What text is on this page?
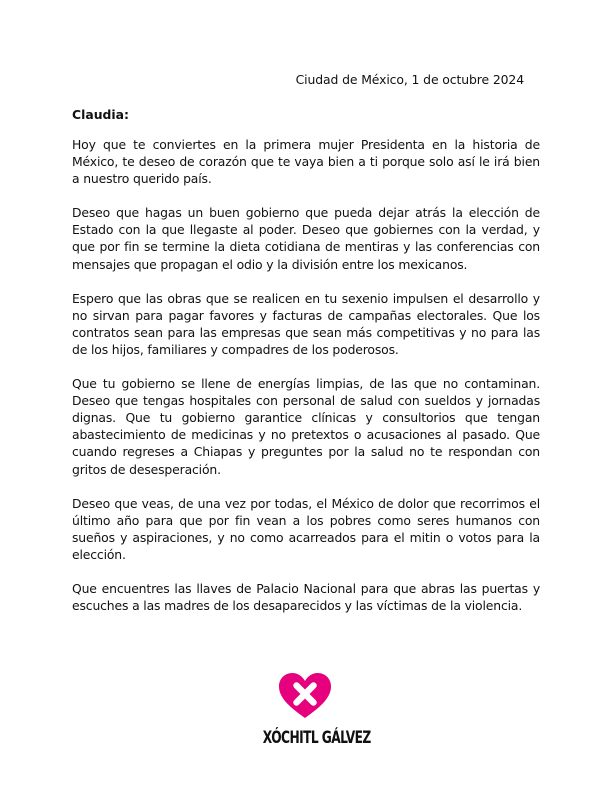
Ciudad de México, 1 de octubre 2024
Claudia:

Hoy que te conviertes en la primera mujer Presidenta en la historia de México, te deseo de corazón que te vaya bien a ti porque solo así le irá bien a nuestro querido país.

Deseo que hagas un buen gobierno que pueda dejar atrás la elección de Estado con la que llegaste al poder. Deseo que gobiernes con la verdad, y que por fin se termine la dieta cotidiana de mentiras y las conferencias con mensajes que propagan el odio y la división entre los mexicanos.

Espero que las obras que se realicen en tu sexenio impulsen el desarrollo y no sirvan para pagar favores y facturas de campañas electorales. Que los contratos sean para las empresas que sean más competitivas y no para las de los hijos, familiares y compadres de los poderosos.

Que tu gobierno se llene de energías limpias, de las que no contaminan. Deseo que tengas hospitales con personal de salud con sueldos y jornadas dignas. Que tu gobierno garantice clínicas y consultorios que tengan abastecimiento de medicinas y no pretextos o acusaciones al pasado. Que cuando regreses a Chiapas y preguntes por la salud no te respondan con gritos de desesperación.

Deseo que veas, de una vez por todas, el México de dolor que recorrimos el último año para que por fin vean a los pobres como seres humanos con sueños y aspiraciones, y no como acarreados para el mitin o votos para la elección.

Que encuentres las llaves de Palacio Nacional para que abras las puertas y escuches a las madres de los desaparecidos y las víctimas de la violencia.

XÓCHITL GÁLVEZ
